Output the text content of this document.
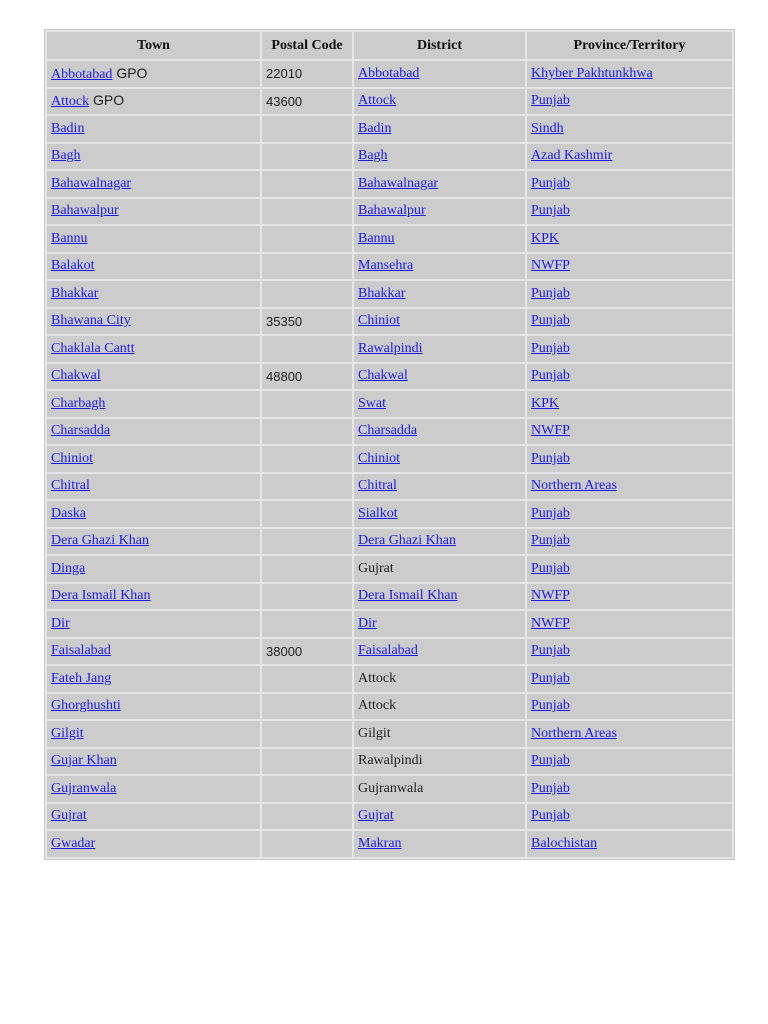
Town	Postal Code	District	Province/Territory
Abbotabad GPO	22010	Abbotabad	Khyber Pakhtunkhwa
Attock GPO	43600	Attock	Punjab
Badin		Badin	Sindh
Bagh		Bagh	Azad Kashmir
Bahawalnagar		Bahawalnagar	Punjab
Bahawalpur		Bahawalpur	Punjab
Bannu		Bannu	KPK
Balakot		Mansehra	NWFP
Bhakkar		Bhakkar	Punjab
Bhawana City	35350	Chiniot	Punjab
Chaklala Cantt		Rawalpindi	Punjab
Chakwal	48800	Chakwal	Punjab
Charbagh		Swat	KPK
Charsadda		Charsadda	NWFP
Chiniot		Chiniot	Punjab
Chitral		Chitral	Northern Areas
Daska		Sialkot	Punjab
Dera Ghazi Khan		Dera Ghazi Khan	Punjab
Dinga		Gujrat	Punjab
Dera Ismail Khan		Dera Ismail Khan	NWFP
Dir		Dir	NWFP
Faisalabad	38000	Faisalabad	Punjab
Fateh Jang		Attock	Punjab
Ghorghushti		Attock	Punjab
Gilgit		Gilgit	Northern Areas
Gujar Khan		Rawalpindi	Punjab
Gujranwala		Gujranwala	Punjab
Gujrat		Gujrat	Punjab
Gwadar		Makran	Balochistan
